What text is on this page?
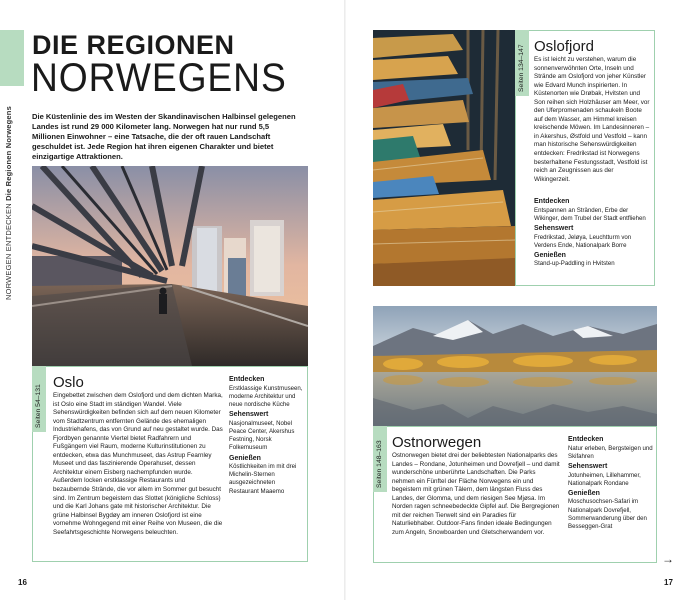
DIE REGIONEN
NORWEGENS
NORWEGEN ENTDECKEN Die Regionen Norwegens	Die Küstenlinie des im Westen der Skandinavischen Halbinsel gelegenen Landes ist rund 29 000 Kilometer lang. Norwegen hat nur rund 5,5 Millionen Einwohner – eine Tatsache, die der oft rauen Landschaft geschuldet ist. Jede Region hat ihren eigenen Charakter und bietet einzigartige Attraktionen.
Seiten 54–131
Oslo
Eingebettet zwischen dem Oslofjord und dem dichten Marka, ist Oslo eine Stadt im ständigen Wandel. Viele Sehenswürdigkeiten befinden sich auf dem neuen Kilometer vom Stadtzentrum entfernten Gelände des ehemaligen Industriehafens, das von Grund auf neu gestaltet wurde. Das Fjordbyen genannte Viertel bietet Radfahrern und Fußgängern viel Raum, moderne Kulturinstitutionen zu entdecken, etwa das Munchmuseet, das Astrup Fearnley Museet und das faszinierende Operahuset, dessen Architektur einem Eisberg nachempfunden wurde. Außerdem locken erstklassige Restaurants und bezaubernde Strände, die vor allem im Sommer gut besucht sind. Im Zentrum begeistern das Slottet (königliche Schloss) und die Karl Johans gate mit historischer Architektur. Die grüne Halbinsel Bygdøy am inneren Oslofjord ist eine vornehme Wohngegend mit einer Reihe von Museen, die die Seefahrtsgeschichte Norwegens beleuchten.
Entdecken

Erstklassige Kunstmuseen, moderne Architektur und neue nordische Küche

Sehenswert

Nasjonalmuseet, Nobel Peace Center, Akershus Festning, Norsk Folkemuseum

Genießen

Köstlichkeiten im mit drei Michelin-Sternen ausgezeichneten Restaurant Maaemo

16
Seiten 134–147 Oslofjord
Es ist leicht zu verstehen, warum die sonnenverwöhnten Orte, Inseln und Strände am Oslofjord von jeher Künstler wie Edvard Munch inspirierten. In Küstenorten wie Drøbak, Hvitsten und Son reihen sich Holzhäuser am Meer, vor den Uferpromenaden schaukeln Boote auf dem Wasser, am Himmel kreisen kreischende Möwen. Im Landesinneren – in Akershus, Østfold und Vestfold – kann man historische Sehenswürdigkeiten entdecken: Fredrikstad ist Norwegens besterhaltene Festungsstadt, Vestfold ist reich an Zeugnissen aus der Wikingerzeit.
Entdecken

Entspannen an Stränden, Erbe der Wikinger, dem Trubel der Stadt entfliehen

Sehenswert

Fredrikstad, Jeløya, Leuchtturm von Verdens Ende, Nationalpark Borre

Genießen

Stand-up-Paddling in Hvitsten

Seiten 148–163 Ostnorwegen
Ostnorwegen bietet drei der beliebtesten Nationalparks des Landes – Rondane, Jotunheimen und Dovrefjell – und damit wunderschöne unberührte Landschaften. Die Parks nehmen ein Fünftel der Fläche Norwegens ein und begeistern mit grünen Tälern, dem längsten Fluss des Landes, der Glomma, und dem riesigen See Mjøsa. Im Norden ragen schneebedeckte Gipfel auf. Die Bergregionen mit der reichen Tierwelt sind ein Paradies für Naturliebhaber. Outdoor-Fans finden ideale Bedingungen zum Angeln, Snowboarden und Gletscherwandern vor.
Entdecken

Natur erleben, Bergsteigen und Skifahren

Sehenswert

Jotunheimen, Lillehammer, Nationalpark Rondane

Genießen

Moschusochsen-Safari im Nationalpark Dovrefjell, Sommerwanderung über den Besseggen-Grat

→
17
